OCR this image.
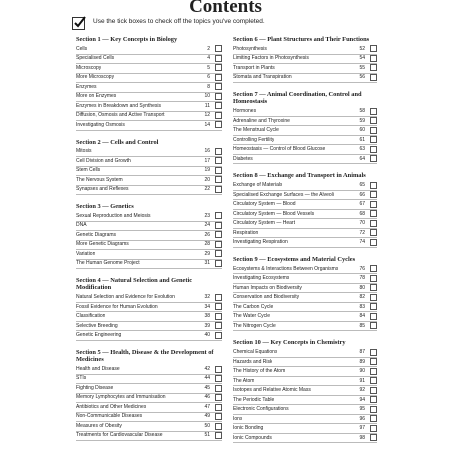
Contents
Use the tick boxes to check off the topics you've completed.
Section 1 — Key Concepts in Biology
Cells	2
Specialised Cells	4
Microscopy	5
More Microscopy	6
Enzymes	8
More on Enzymes	10
Enzymes in Breakdown and Synthesis	11
Diffusion, Osmosis and Active Transport	12
Investigating Osmosis	14
Section 2 — Cells and Control
Mitosis	16
Cell Division and Growth	17
Stem Cells	19
The Nervous System	20
Synapses and Reflexes	22
Section 3 — Genetics
Sexual Reproduction and Meiosis	23
DNA	24
Genetic Diagrams	26
More Genetic Diagrams	28
Variation	29
The Human Genome Project	31
Section 4 — Natural Selection and Genetic Modification
Natural Selection and Evidence for Evolution	32
Fossil Evidence for Human Evolution	34
Classification	38
Selective Breeding	39
Genetic Engineering	40
Section 5 — Health, Disease & the Development of Medicines
Health and Disease	42
STIs	44
Fighting Disease	45
Memory Lymphocytes and Immunisation	46
Antibiotics and Other Medicines	47
Non-Communicable Diseases	49
Measures of Obesity	50
Treatments for Cardiovascular Disease	51
Section 6 — Plant Structures and Their Functions
Photosynthesis	52
Limiting Factors in Photosynthesis	54
Transport in Plants	55
Stomata and Transpiration	56
Section 7 — Animal Coordination, Control and Homeostasis
Hormones	58
Adrenaline and Thyroxine	59
The Menstrual Cycle	60
Controlling Fertility	61
Homeostasis — Control of Blood Glucose	63
Diabetes	64
Section 8 — Exchange and Transport in Animals
Exchange of Materials	65
Specialised Exchange Surfaces — the Alveoli	66
Circulatory System — Blood	67
Circulatory System — Blood Vessels	68
Circulatory System — Heart	70
Respiration	72
Investigating Respiration	74
Section 9 — Ecosystems and Material Cycles
Ecosystems & Interactions Between Organisms	76
Investigating Ecosystems	78
Human Impacts on Biodiversity	80
Conservation and Biodiversity	82
The Carbon Cycle	83
The Water Cycle	84
The Nitrogen Cycle	85
Section 10 — Key Concepts in Chemistry
Chemical Equations	87
Hazards and Risk	89
The History of the Atom	90
The Atom	91
Isotopes and Relative Atomic Mass	92
The Periodic Table	94
Electronic Configurations	95
Ions	96
Ionic Bonding	97
Ionic Compounds	98
